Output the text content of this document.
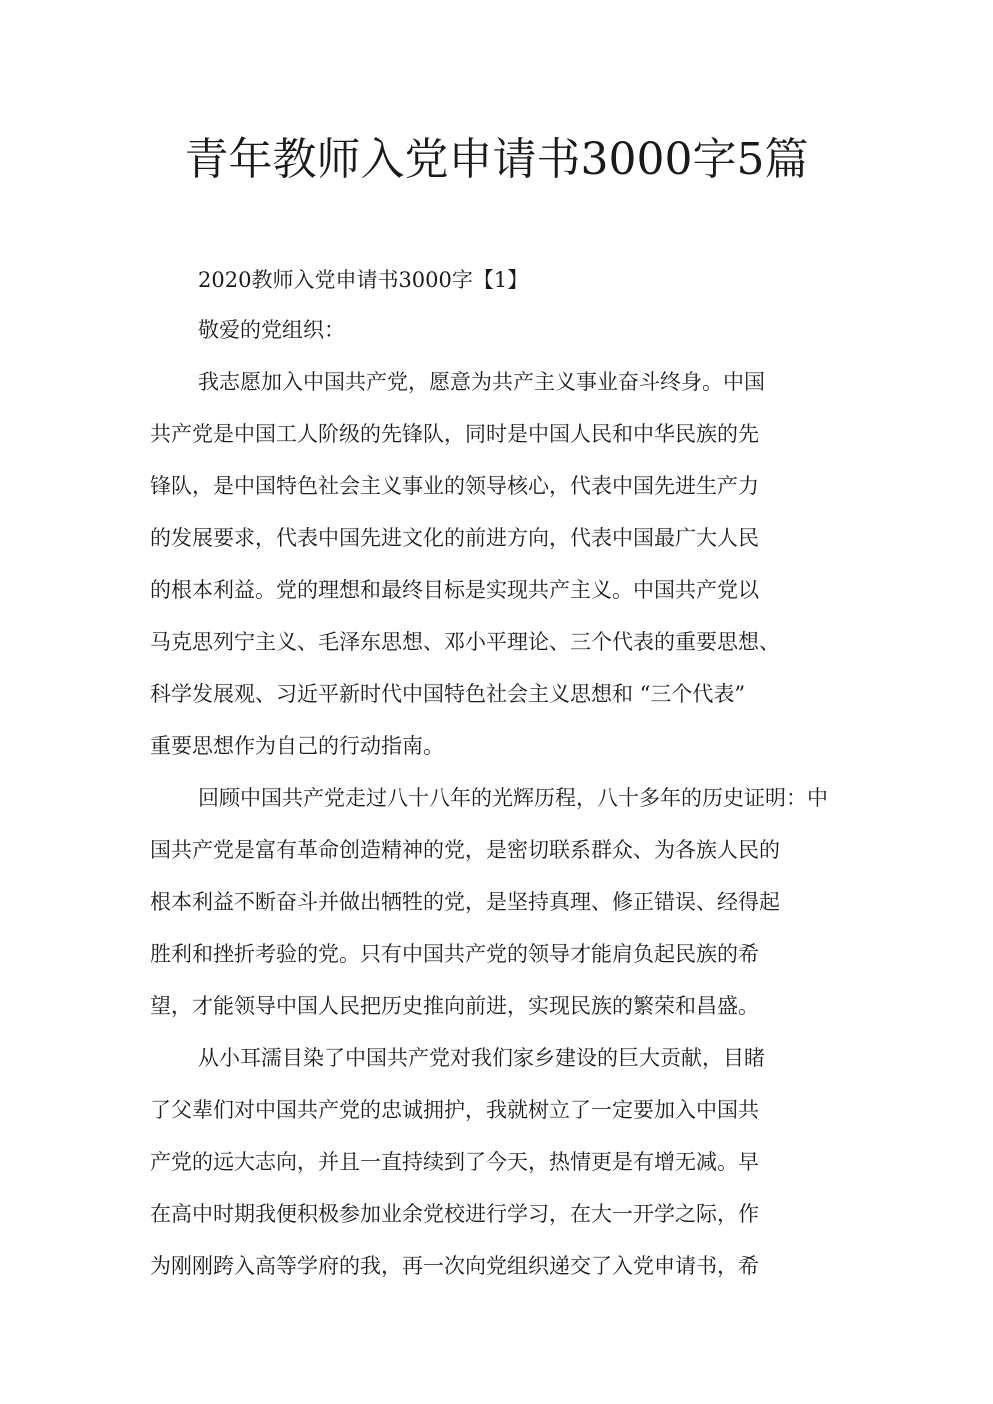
青年教师入党申请书3000字5篇
2020教师入党申请书3000字【1】
敬爱的党组织：
我志愿加入中国共产党，愿意为共产主义事业奋斗终身。中国
共产党是中国工人阶级的先锋队，同时是中国人民和中华民族的先
锋队，是中国特色社会主义事业的领导核心，代表中国先进生产力
的发展要求，代表中国先进文化的前进方向，代表中国最广大人民
的根本利益。党的理想和最终目标是实现共产主义。中国共产党以
马克思列宁主义、毛泽东思想、邓小平理论、三个代表的重要思想、
科学发展观、习近平新时代中国特色社会主义思想和 “三个代表”
重要思想作为自己的行动指南。
回顾中国共产党走过八十八年的光辉历程，八十多年的历史证明：中
国共产党是富有革命创造精神的党，是密切联系群众、为各族人民的
根本利益不断奋斗并做出牺牲的党，是坚持真理、修正错误、经得起
胜利和挫折考验的党。只有中国共产党的领导才能肩负起民族的希
望，才能领导中国人民把历史推向前进，实现民族的繁荣和昌盛。
从小耳濡目染了中国共产党对我们家乡建设的巨大贡献，目睹
了父辈们对中国共产党的忠诚拥护，我就树立了一定要加入中国共
产党的远大志向，并且一直持续到了今天，热情更是有增无减。早
在高中时期我便积极参加业余党校进行学习，在大一开学之际，作
为刚刚跨入高等学府的我，再一次向党组织递交了入党申请书，希
